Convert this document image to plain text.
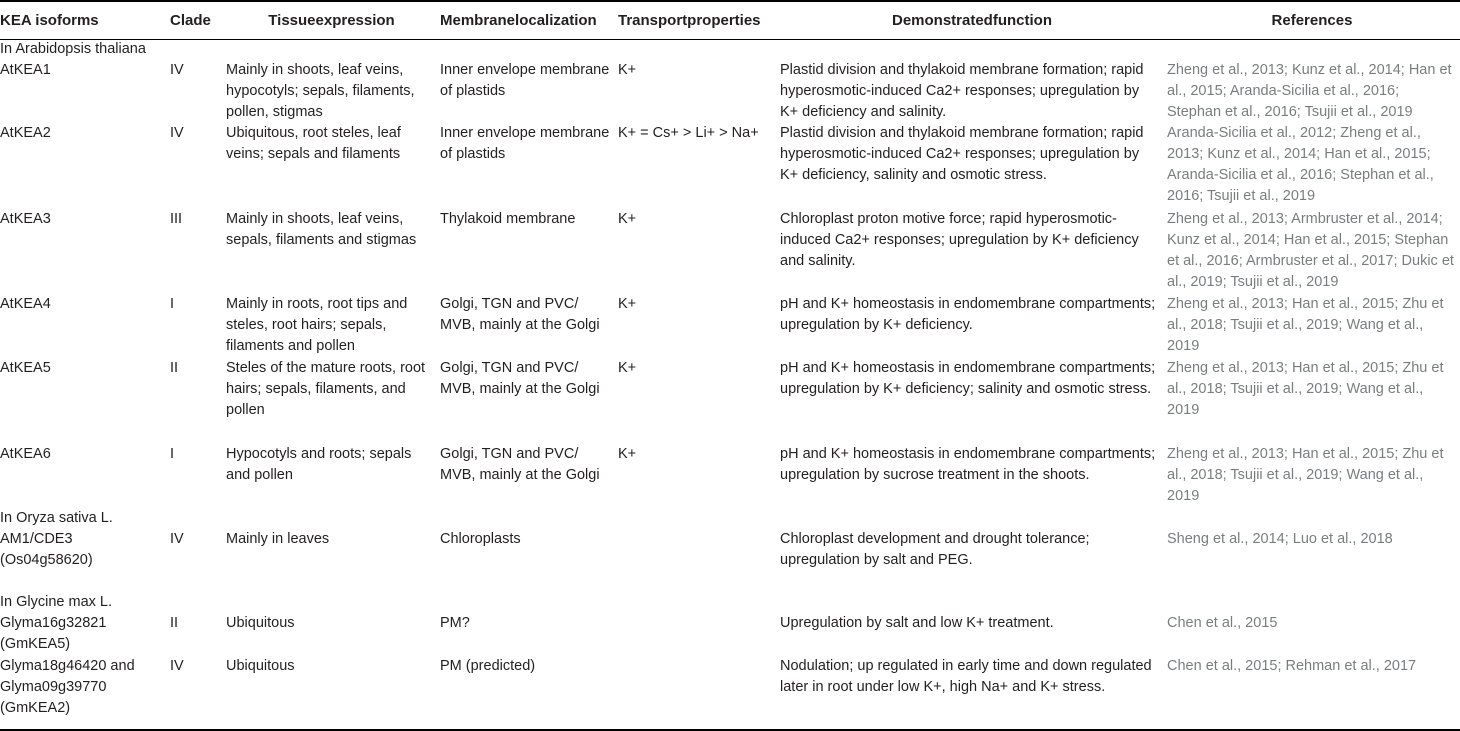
KEA isoforms	Clade	Tissueexpression	Membranelocalization	Transportproperties	Demonstratedfunction	References
In Arabidopsis thaliana						
AtKEA1	IV	Mainly in shoots, leaf veins, hypocotyls; sepals, filaments, pollen, stigmas	Inner envelope membrane of plastids	K+	Plastid division and thylakoid membrane formation; rapid hyperosmotic-induced Ca2+ responses; upregulation by K+ deficiency and salinity.	Zheng et al., 2013; Kunz et al., 2014; Han et al., 2015; Aranda-Sicilia et al., 2016; Stephan et al., 2016; Tsujii et al., 2019
AtKEA2	IV	Ubiquitous, root steles, leaf veins; sepals and filaments	Inner envelope membrane of plastids	K+ = Cs+ > Li+ > Na+	Plastid division and thylakoid membrane formation; rapid hyperosmotic-induced Ca2+ responses; upregulation by K+ deficiency, salinity and osmotic stress.	Aranda-Sicilia et al., 2012; Zheng et al., 2013; Kunz et al., 2014; Han et al., 2015; Aranda-Sicilia et al., 2016; Stephan et al., 2016; Tsujii et al., 2019
AtKEA3	III	Mainly in shoots, leaf veins, sepals, filaments and stigmas	Thylakoid membrane	K+	Chloroplast proton motive force; rapid hyperosmotic-induced Ca2+ responses; upregulation by K+ deficiency and salinity.	Zheng et al., 2013; Armbruster et al., 2014; Kunz et al., 2014; Han et al., 2015; Stephan et al., 2016; Armbruster et al., 2017; Dukic et al., 2019; Tsujii et al., 2019
AtKEA4	I	Mainly in roots, root tips and steles, root hairs; sepals, filaments and pollen	Golgi, TGN and PVC/ MVB, mainly at the Golgi	K+	pH and K+ homeostasis in endomembrane compartments; upregulation by K+ deficiency.	Zheng et al., 2013; Han et al., 2015; Zhu et al., 2018; Tsujii et al., 2019; Wang et al., 2019
AtKEA5	II	Steles of the mature roots, root hairs; sepals, filaments, and pollen	Golgi, TGN and PVC/ MVB, mainly at the Golgi	K+	pH and K+ homeostasis in endomembrane compartments; upregulation by K+ deficiency; salinity and osmotic stress.	Zheng et al., 2013; Han et al., 2015; Zhu et al., 2018; Tsujii et al., 2019; Wang et al., 2019
AtKEA6	I	Hypocotyls and roots; sepals and pollen	Golgi, TGN and PVC/ MVB, mainly at the Golgi	K+	pH and K+ homeostasis in endomembrane compartments; upregulation by sucrose treatment in the shoots.	Zheng et al., 2013; Han et al., 2015; Zhu et al., 2018; Tsujii et al., 2019; Wang et al., 2019
In Oryza sativa L.						
AM1/CDE3 (Os04g58620)	IV	Mainly in leaves	Chloroplasts		Chloroplast development and drought tolerance; upregulation by salt and PEG.	Sheng et al., 2014; Luo et al., 2018
In Glycine max L.						
Glyma16g32821 (GmKEA5)	II	Ubiquitous	PM?		Upregulation by salt and low K+ treatment.	Chen et al., 2015
Glyma18g46420 and Glyma09g39770 (GmKEA2)	IV	Ubiquitous	PM (predicted)		Nodulation; up regulated in early time and down regulated later in root under low K+, high Na+ and K+ stress.	Chen et al., 2015; Rehman et al., 2017
